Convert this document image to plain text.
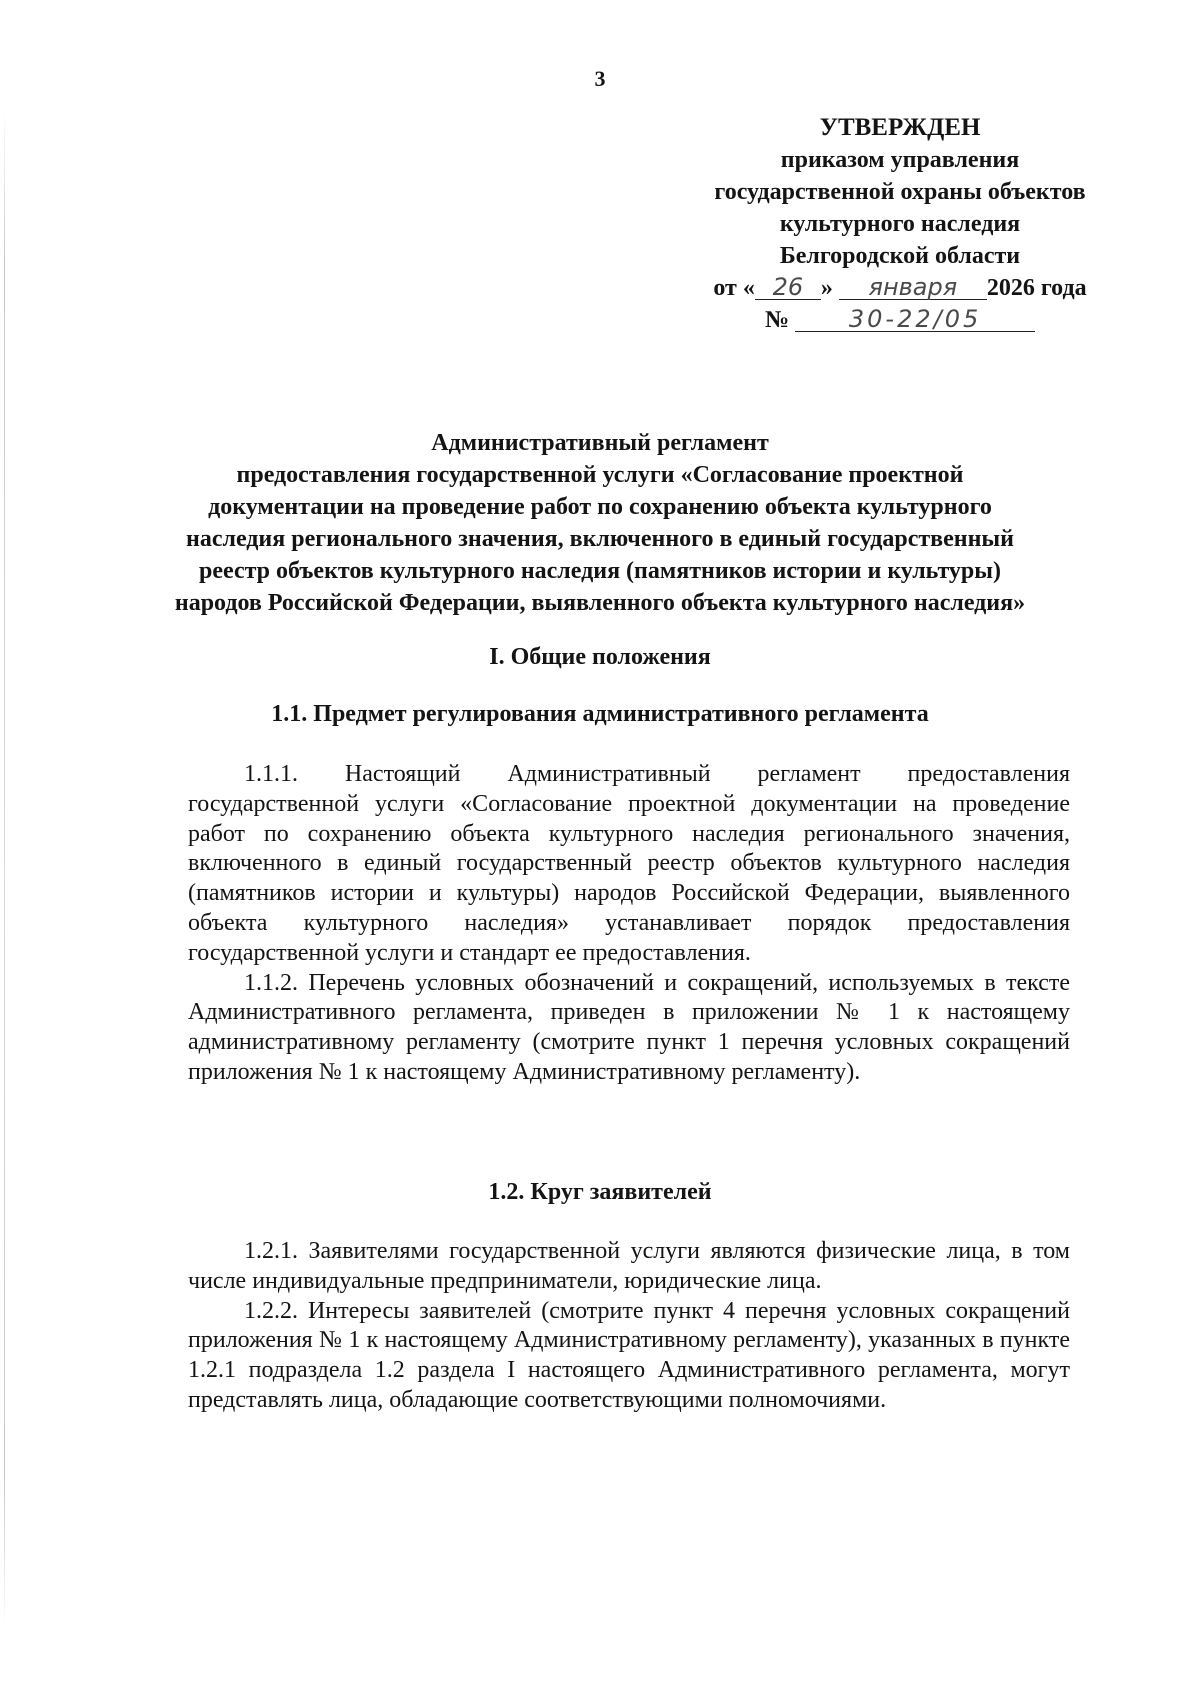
3
УТВЕРЖДЕН
приказом управления
государственной охраны объектов
культурного наследия
Белгородской области
от « 26 » января 2026 года
№ 30-22/05
Административный регламент
предоставления государственной услуги «Согласование проектной документации на проведение работ по сохранению объекта культурного наследия регионального значения, включенного в единый государственный реестр объектов культурного наследия (памятников истории и культуры) народов Российской Федерации, выявленного объекта культурного наследия»
I. Общие положения
1.1. Предмет регулирования административного регламента

1.1.1. Настоящий Административный регламент предоставления государственной услуги «Согласование проектной документации на проведение работ по сохранению объекта культурного наследия регионального значения, включенного в единый государственный реестр объектов культурного наследия (памятников истории и культуры) народов Российской Федерации, выявленного объекта культурного наследия» устанавливает порядок предоставления государственной услуги и стандарт ее предоставления.

1.1.2. Перечень условных обозначений и сокращений, используемых в тексте Административного регламента, приведен в приложении № 1 к настоящему административному регламенту (смотрите пункт 1 перечня условных сокращений приложения № 1 к настоящему Административному регламенту).

1.2. Круг заявителей

1.2.1. Заявителями государственной услуги являются физические лица, в том числе индивидуальные предприниматели, юридические лица.

1.2.2. Интересы заявителей (смотрите пункт 4 перечня условных сокращений приложения № 1 к настоящему Административному регламенту), указанных в пункте 1.2.1 подраздела 1.2 раздела I настоящего Административного регламента, могут представлять лица, обладающие соответствующими полномочиями.
